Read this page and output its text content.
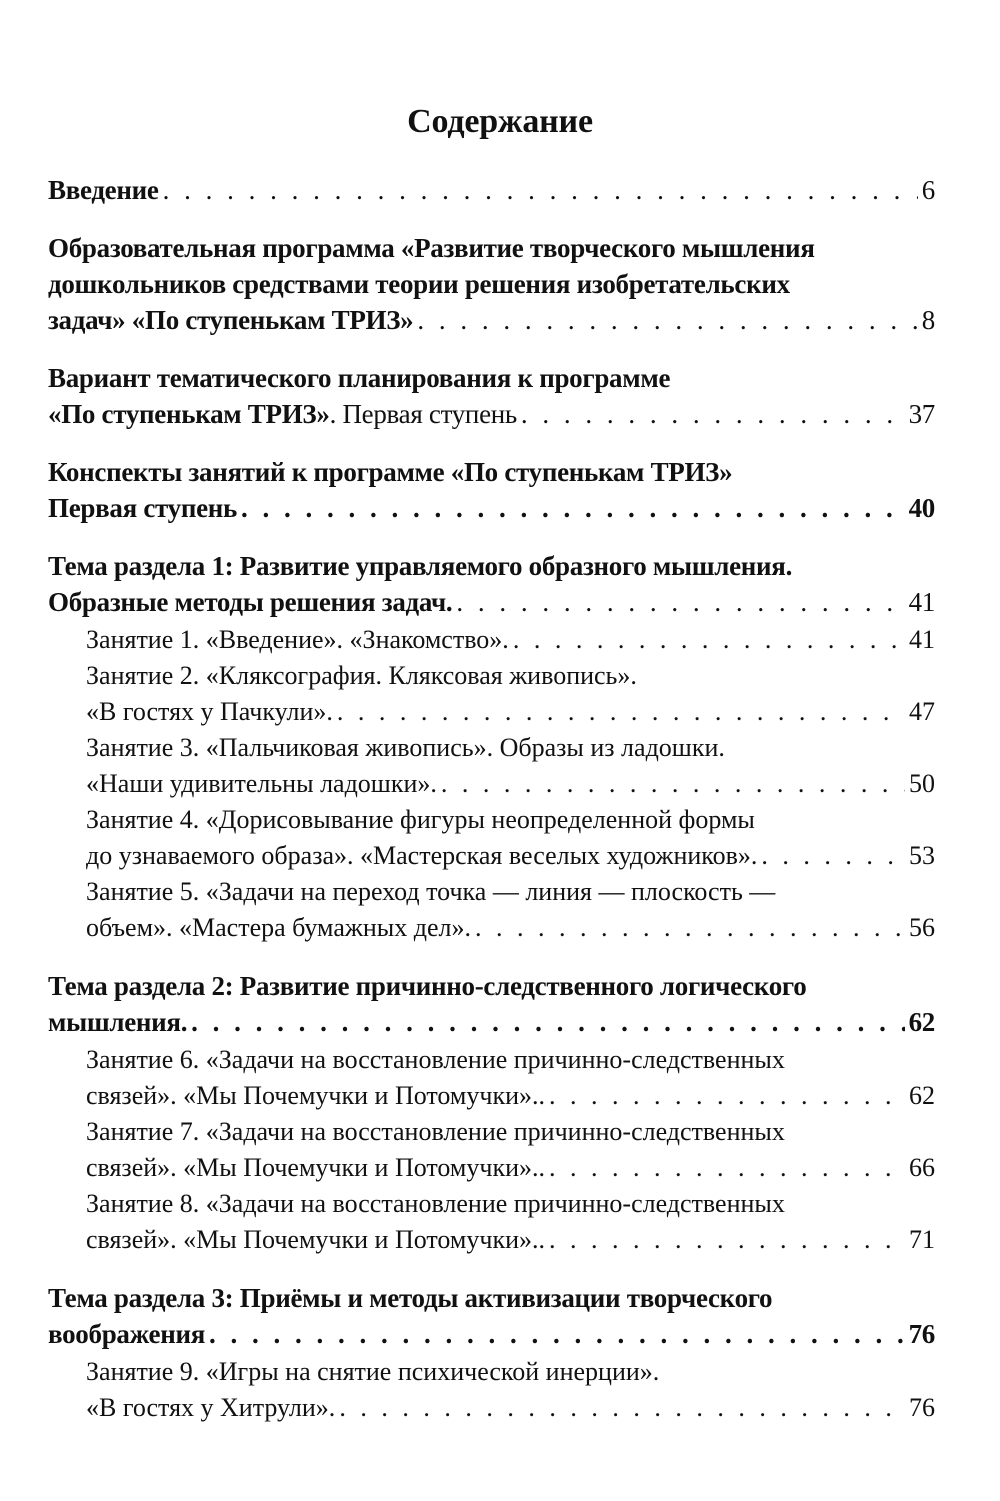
Содержание
Введение . . .	6
Образовательная программа «Развитие творческого мышления
дошкольников средствами теории решения изобретательских
задач» «По ступенькам ТРИЗ» . . .	8
Вариант тематического планирования к программе
«По ступенькам ТРИЗ». Первая ступень . . .	37
Конспекты занятий к программе «По ступенькам ТРИЗ»
Первая ступень . . .	40
Тема раздела 1: Развитие управляемого образного мышления.
Образные методы решения задач. . . .	41
Занятие 1. «Введение». «Знакомство». . . .	41
Занятие 2. «Кляксография. Кляксовая живопись».
«В гостях у Пачкули». . . .	47
Занятие 3. «Пальчиковая живопись». Образы из ладошки.
«Наши удивительны ладошки». . . .	50
Занятие 4. «Дорисовывание фигуры неопределенной формы
до узнаваемого образа». «Мастерская веселых художников». . . .	53
Занятие 5. «Задачи на переход точка — линия — плоскость —
объем». «Мастера бумажных дел». . . .	56
Тема раздела 2: Развитие причинно-следственного логического
мышления. . . .	62
Занятие 6. «Задачи на восстановление причинно-следственных
связей». «Мы Почемучки и Потомучки».. . . .	62
Занятие 7. «Задачи на восстановление причинно-следственных
связей». «Мы Почемучки и Потомучки».. . . .	66
Занятие 8. «Задачи на восстановление причинно-следственных
связей». «Мы Почемучки и Потомучки».. . . .	71
Тема раздела 3: Приёмы и методы активизации творческого
воображения . . .	76
Занятие 9. «Игры на снятие психической инерции».
«В гостях у Хитрули». . . .	76
